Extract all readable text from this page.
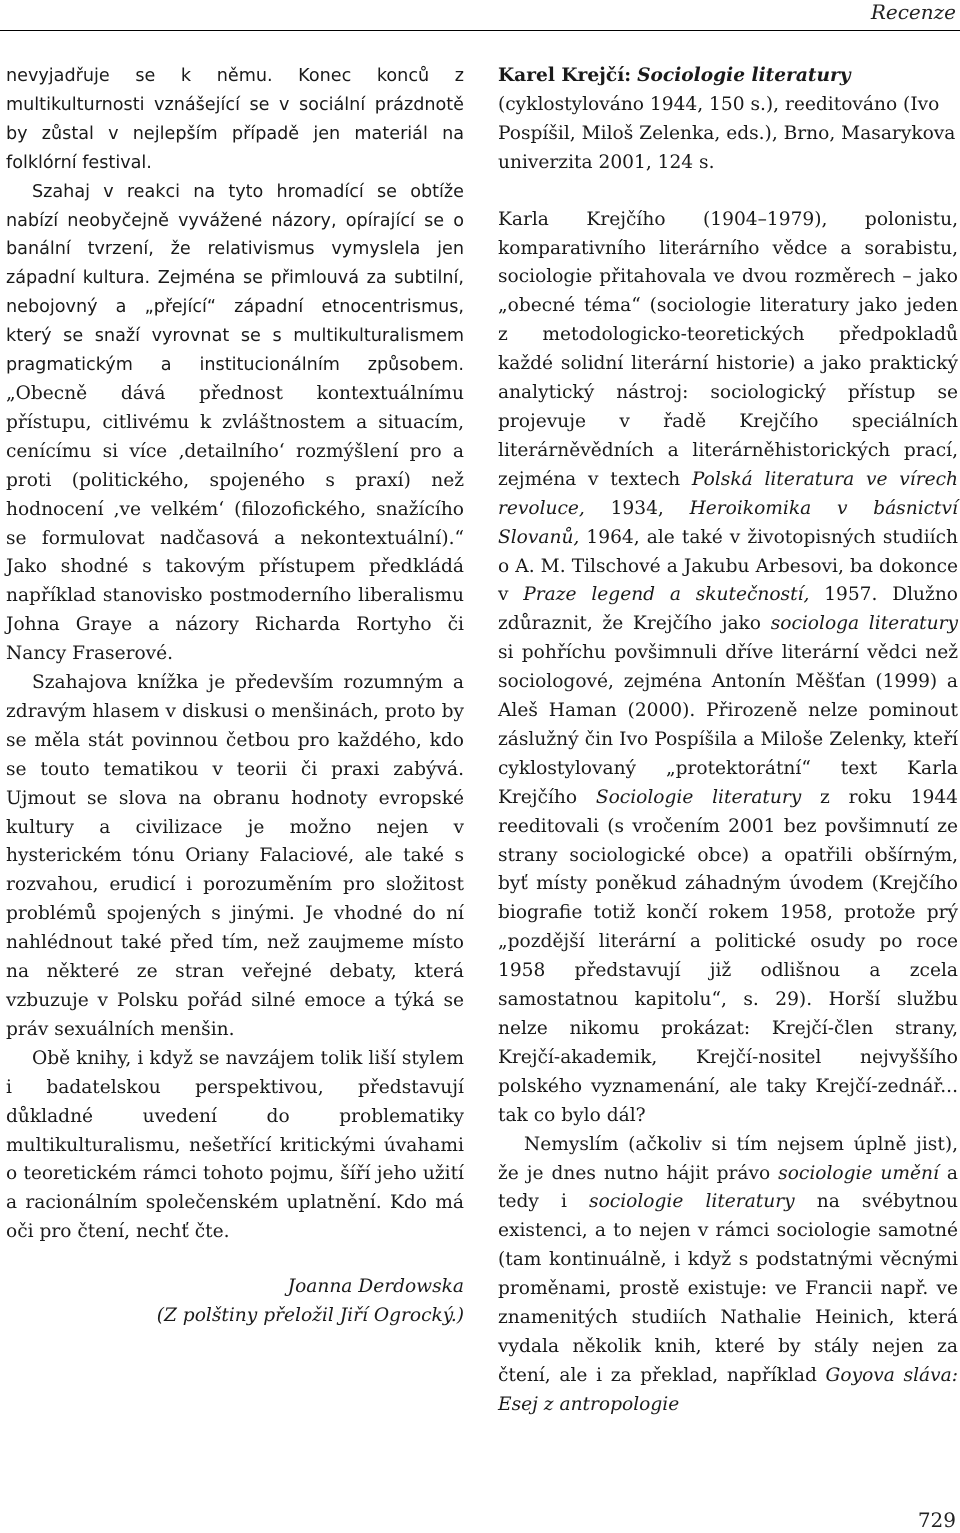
Recenze

nevyjadřuje se k němu. Konec konců z multikulturnosti vznášející se v sociální prázdnotě by zůstal v nejlepším případě jen materiál na folklórní festival.

Szahaj v reakci na tyto hromadící se obtíže nabízí neobyčejně vyvážené názory, opírající se o banální tvrzení, že relativismus vymyslela jen západní kultura. Zejména se přimlouvá za subtilní, nebojovný a „přející“ západní etnocentrismus, který se snaží vyrovnat se s multikulturalismem pragmatickým a institucionálním způsobem. „Obecně dává přednost kontextuálnímu přístupu, citlivému k zvláštnostem a situacím, cenícímu si více ‚detailního‘ rozmýšlení pro a proti (politického, spojeného s praxí) než hodnocení ‚ve velkém‘ (filozofického, snažícího se formulovat nadčasová a nekontextuální).“ Jako shodné s takovým přístupem předkládá například stanovisko postmoderního liberalismu Johna Graye a názory Richarda Rortyho či Nancy Fraserové.

Szahajova knížka je především rozumným a zdravým hlasem v diskusi o menšinách, proto by se měla stát povinnou četbou pro každého, kdo se touto tematikou v teorii či praxi zabývá. Ujmout se slova na obranu hodnoty evropské kultury a civilizace je možno nejen v hysterickém tónu Oriany Falaciové, ale také s rozvahou, erudicí i porozuměním pro složitost problémů spojených s jinými. Je vhodné do ní nahlédnout také před tím, než zaujmeme místo na některé ze stran veřejné debaty, která vzbuzuje v Polsku pořád silné emoce a týká se práv sexuálních menšin.

Obě knihy, i když se navzájem tolik liší stylem i badatelskou perspektivou, představují důkladné uvedení do problematiky multikulturalismu, nešetřící kritickými úvahami o teoretickém rámci tohoto pojmu, šíří jeho užití a racionálním společenském uplatnění. Kdo má oči pro čtení, nechť čte.

Joanna Derdowska

(Z polštiny přeložil Jiří Ogrocký.)

Karel Krejčí: Sociologie literatury (cyklostylováno 1944, 150 s.), reeditováno (Ivo Pospíšil, Miloš Zelenka, eds.), Brno, Masarykova univerzita 2001, 124 s.

Karla Krejčího (1904–1979), polonistu, komparativního literárního vědce a sorabistu, sociologie přitahovala ve dvou rozměrech – jako „obecné téma“ (sociologie literatury jako jeden z metodologicko-teoretických předpokladů každé solidní literární historie) a jako praktický analytický nástroj: sociologický přístup se projevuje v řadě Krejčího speciálních literárněvědních a literárněhistorických prací, zejména v textech Polská literatura ve vírech revoluce, 1934, Heroikomika v básnictví Slovanů, 1964, ale také v životopisných studiích o A. M. Tilschové a Jakubu Arbesovi, ba dokonce v Praze legend a skutečností, 1957. Dlužno zdůraznit, že Krejčího jako sociologa literatury si pohříchu povšimnuli dříve literární vědci než sociologové, zejména Antonín Měšťan (1999) a Aleš Haman (2000). Přirozeně nelze pominout záslužný čin Ivo Pospíšila a Miloše Zelenky, kteří cyklostylovaný „protektorátní“ text Karla Krejčího Sociologie literatury z roku 1944 reeditovali (s vročením 2001 bez povšimnutí ze strany sociologické obce) a opatřili obšírným, byť místy poněkud záhadným úvodem (Krejčího biografie totiž končí rokem 1958, protože prý „pozdější literární a politické osudy po roce 1958 představují již odlišnou a zcela samostatnou kapitolu“, s. 29). Horší službu nelze nikomu prokázat: Krejčí-člen strany, Krejčí-akademik, Krejčí-nositel nejvyššího polského vyznamenání, ale taky Krejčí-zednář... tak co bylo dál?

Nemyslím (ačkoliv si tím nejsem úplně jist), že je dnes nutno hájit právo sociologie umění a tedy i sociologie literatury na svébytnou existenci, a to nejen v rámci sociologie samotné (tam kontinuálně, i když s podstatnými věcnými proměnami, prostě existuje: ve Francii např. ve znamenitých studiích Nathalie Heinich, která vydala několik knih, které by stály nejen za čtení, ale i za překlad, například Goyova sláva: Esej z antropologie

729
